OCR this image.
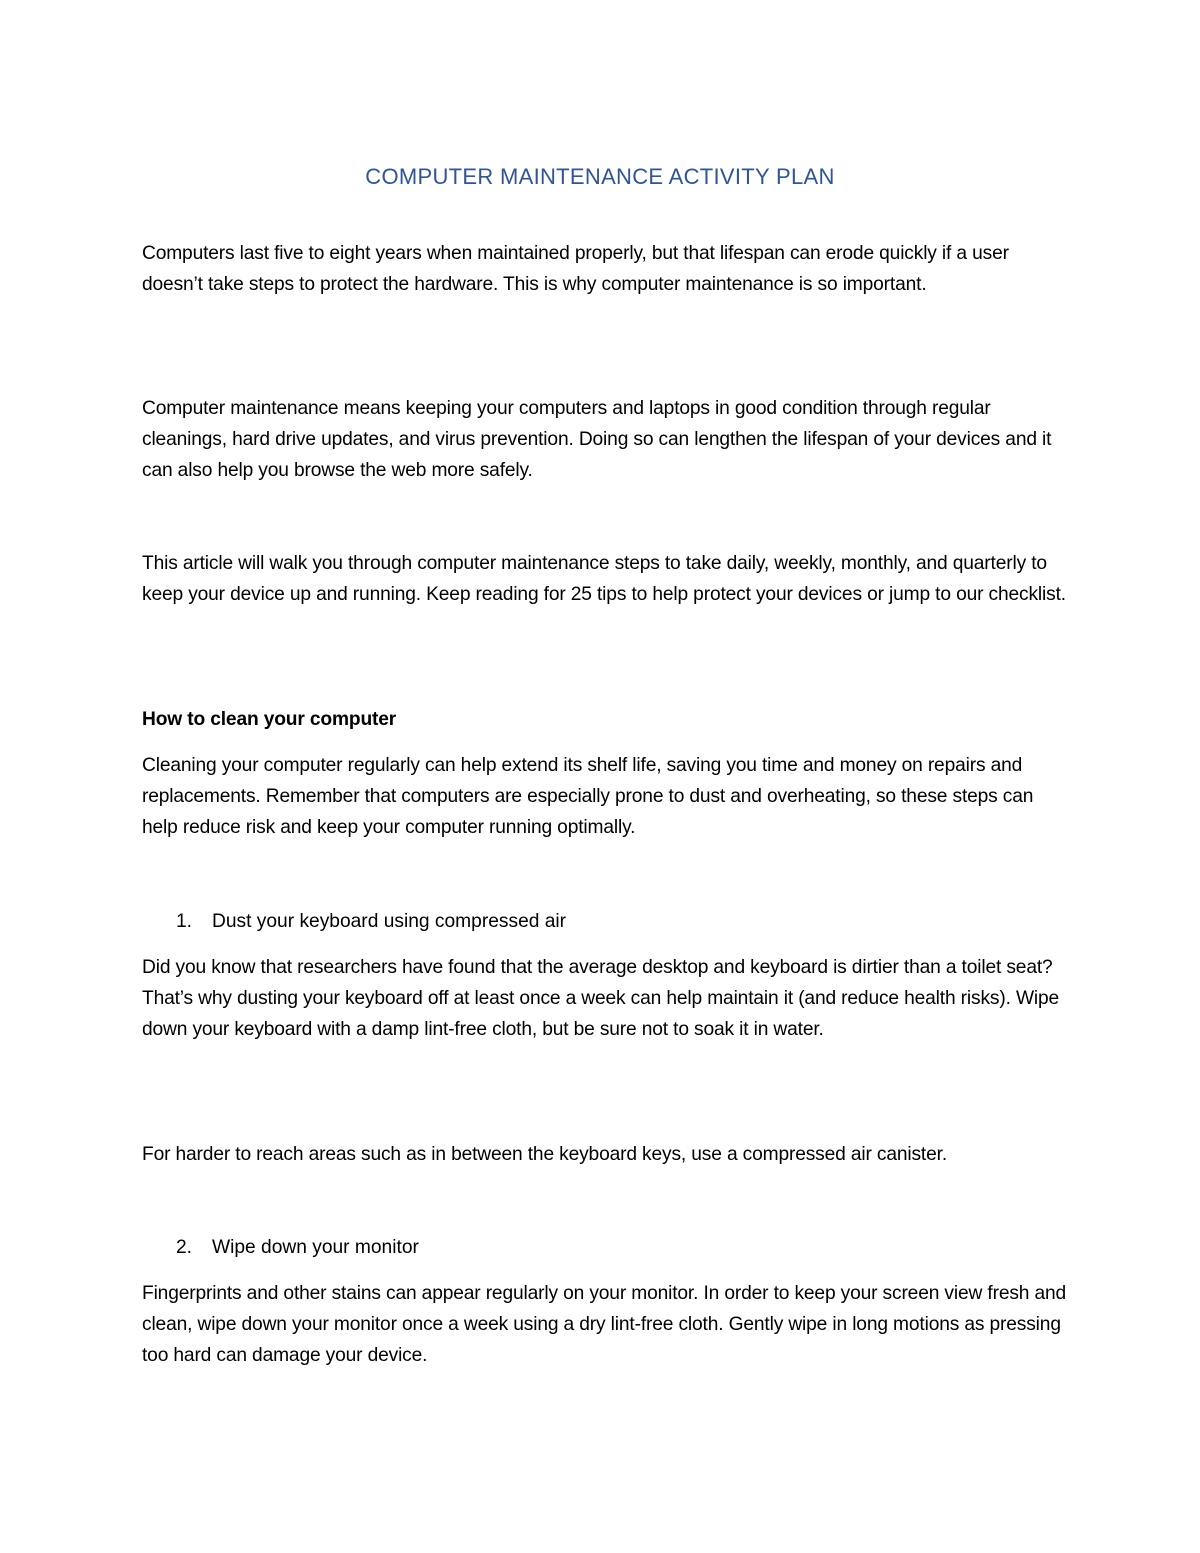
COMPUTER MAINTENANCE ACTIVITY PLAN

Computers last five to eight years when maintained properly, but that lifespan can erode quickly if a user doesn’t take steps to protect the hardware. This is why computer maintenance is so important.

Computer maintenance means keeping your computers and laptops in good condition through regular cleanings, hard drive updates, and virus prevention. Doing so can lengthen the lifespan of your devices and it can also help you browse the web more safely.

This article will walk you through computer maintenance steps to take daily, weekly, monthly, and quarterly to keep your device up and running. Keep reading for 25 tips to help protect your devices or jump to our checklist.

How to clean your computer

Cleaning your computer regularly can help extend its shelf life, saving you time and money on repairs and replacements. Remember that computers are especially prone to dust and overheating, so these steps can help reduce risk and keep your computer running optimally.

1.	Dust your keyboard using compressed air

Did you know that researchers have found that the average desktop and keyboard is dirtier than a toilet seat? That’s why dusting your keyboard off at least once a week can help maintain it (and reduce health risks). Wipe down your keyboard with a damp lint-free cloth, but be sure not to soak it in water.

For harder to reach areas such as in between the keyboard keys, use a compressed air canister.

2.	Wipe down your monitor

Fingerprints and other stains can appear regularly on your monitor. In order to keep your screen view fresh and clean, wipe down your monitor once a week using a dry lint-free cloth. Gently wipe in long motions as pressing too hard can damage your device.
